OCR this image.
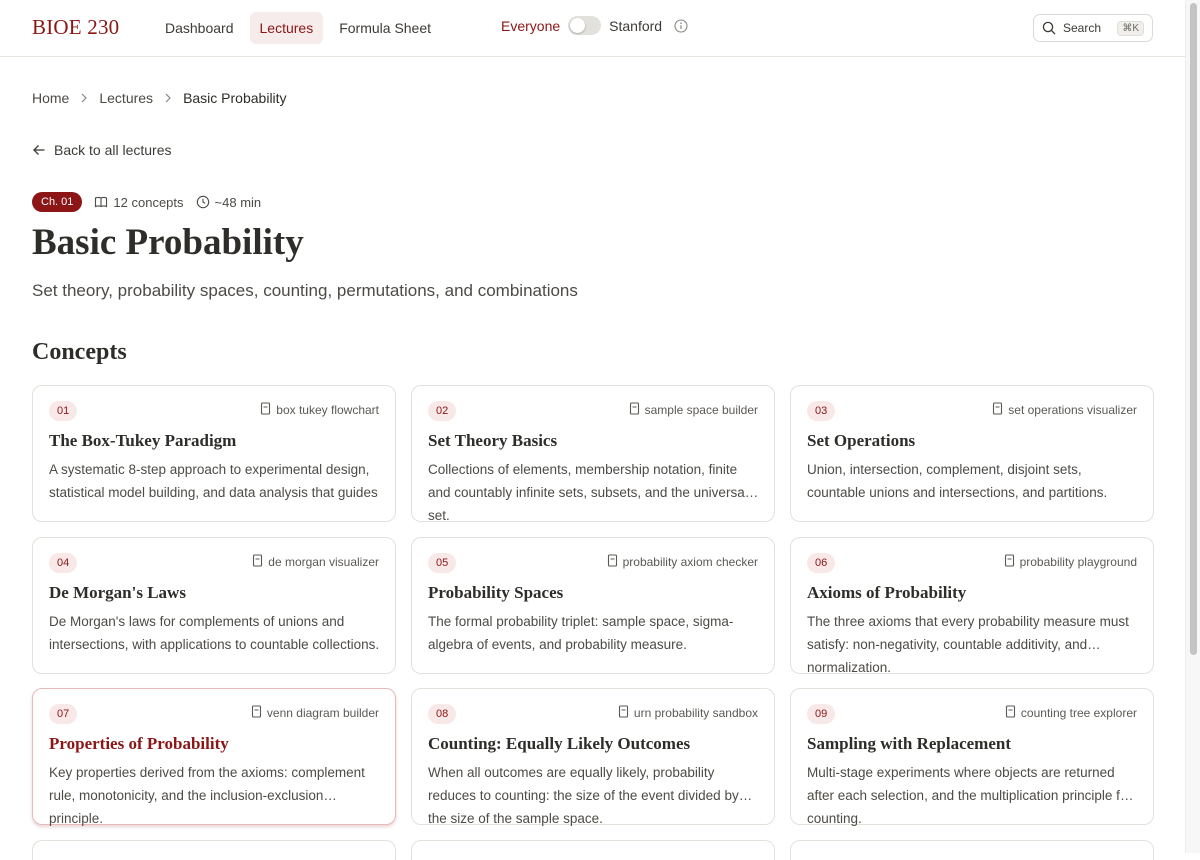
BIOE 230	Dashboard	Lectures	Formula Sheet	Everyone	Stanford	Search	⌘K
Home Lectures Basic Probability
Back to all lectures
Ch. 01	12 concepts ~48 min
Basic Probability
Set theory, probability spaces, counting, permutations, and combinations
Concepts
01	box tukey flowchart
The Box-Tukey Paradigm
A systematic 8-step approach to experimental design, statistical model building, and data analysis that guides
02	sample space builder
Set Theory Basics
Collections of elements, membership notation, finite and countably infinite sets, subsets, and the universal set.
03	set operations visualizer
Set Operations
Union, intersection, complement, disjoint sets, countable unions and intersections, and partitions.
04	de morgan visualizer
De Morgan's Laws
De Morgan's laws for complements of unions and intersections, with applications to countable collections.
05	probability axiom checker
Probability Spaces
The formal probability triplet: sample space, sigma-algebra of events, and probability measure.
06	probability playground
Axioms of Probability
The three axioms that every probability measure must satisfy: non-negativity, countable additivity, and normalization.
07	venn diagram builder
Properties of Probability
Key properties derived from the axioms: complement rule, monotonicity, and the inclusion-exclusion principle.
08	urn probability sandbox
Counting: Equally Likely Outcomes
When all outcomes are equally likely, probability reduces to counting: the size of the event divided by the size of the sample space.
09	counting tree explorer
Sampling with Replacement
Multi-stage experiments where objects are returned after each selection, and the multiplication principle for counting.
